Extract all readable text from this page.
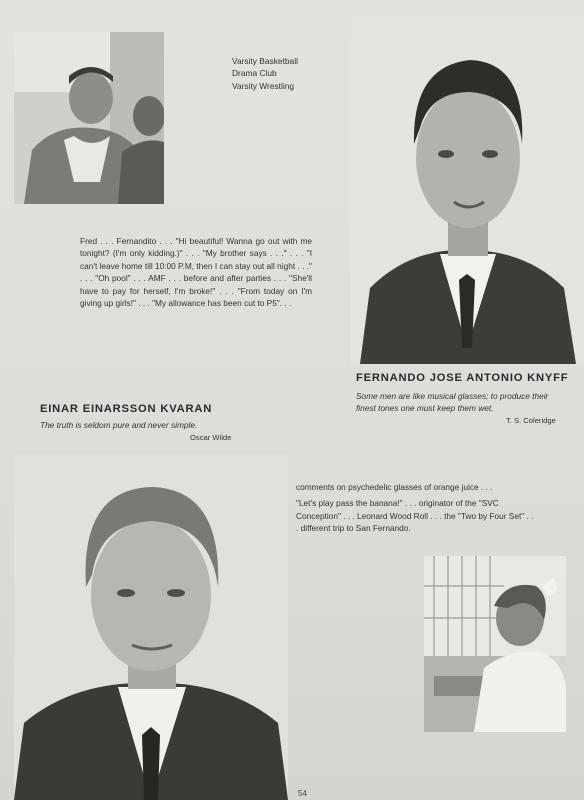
Varsity Basketball
Drama Club
Varsity Wrestling
Fred . . . Fernandito . . . "Hi beautiful! Wanna go out with me tonight? (I'm only kidding.)" . . . "My brother says . . ." . . . "I can't leave home till 10:00 P.M, then I can stay out all night . . ." . . . "Oh pool" . . . AMF . . . before and after parties . . . "She'll have to pay for herself, I'm broke!" . . . "From today on I'm giving up girls!" . . . "My allowance has been cut to P5". . .
FERNANDO JOSE ANTONIO KNYFF
Some men are like musical glasses; to produce their finest tones one must keep them wet.
T. S. Coleridge
EINAR EINARSSON KVARAN
The truth is seldom pure and never simple.
Oscar Wilde

comments on psychedelic glasses of orange juice . . .

"Let's play pass the banana!" . . . originator of the "SVC Conception" . . . Leonard Wood Roll . . . the "Two by Four Set" . . . different trip to San Fernando.

54
